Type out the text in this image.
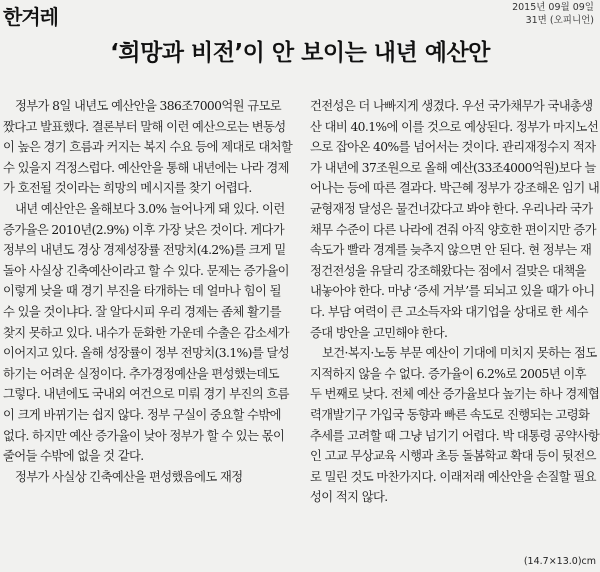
한겨레	2015년 09월 09일
31면 (오피니언)
‘희망과 비전’이 안 보이는 내년 예산안

정부가 8일 내년도 예산안을 386조7000억원 규모로 짰다고 발표했다. 결론부터 말해 이런 예산으로는 변동성이 높은 경기 흐름과 커지는 복지 수요 등에 제대로 대처할 수 있을지 걱정스럽다. 예산안을 통해 내년에는 나라 경제가 호전될 것이라는 희망의 메시지를 찾기 어렵다.

내년 예산안은 올해보다 3.0% 늘어나게 돼 있다. 이런 증가율은 2010년(2.9%) 이후 가장 낮은 것이다. 게다가 정부의 내년도 경상 경제성장률 전망치(4.2%)를 크게 밑돌아 사실상 긴축예산이라고 할 수 있다. 문제는 증가율이 이렇게 낮을 때 경기 부진을 타개하는 데 얼마나 힘이 될 수 있을 것이냐다. 잘 알다시피 우리 경제는 좀체 활기를 찾지 못하고 있다. 내수가 둔화한 가운데 수출은 감소세가 이어지고 있다. 올해 성장률이 정부 전망치(3.1%)를 달성하기는 어려운 실정이다. 추가경정예산을 편성했는데도 그렇다. 내년에도 국내외 여건으로 미뤄 경기 부진의 흐름이 크게 바뀌기는 쉽지 않다. 정부 구실이 중요할 수밖에 없다. 하지만 예산 증가율이 낮아 정부가 할 수 있는 몫이 줄어들 수밖에 없을 것 같다.

정부가 사실상 긴축예산을 편성했음에도 재정

건전성은 더 나빠지게 생겼다. 우선 국가채무가 국내총생산 대비 40.1%에 이를 것으로 예상된다. 정부가 마지노선으로 잡아온 40%를 넘어서는 것이다. 관리재정수지 적자가 내년에 37조원으로 올해 예산(33조4000억원)보다 늘어나는 등에 따른 결과다. 박근혜 정부가 강조해온 임기 내 균형재정 달성은 물건너갔다고 봐야 한다. 우리나라 국가채무 수준이 다른 나라에 견줘 아직 양호한 편이지만 증가 속도가 빨라 경계를 늦추지 않으면 안 된다. 현 정부는 재정건전성을 유달리 강조해왔다는 점에서 걸맞은 대책을 내놓아야 한다. 마냥 ‘증세 거부’를 되뇌고 있을 때가 아니다. 부담 여력이 큰 고소득자와 대기업을 상대로 한 세수 증대 방안을 고민해야 한다.

보건·복지·노동 부문 예산이 기대에 미치지 못하는 점도 지적하지 않을 수 없다. 증가율이 6.2%로 2005년 이후 두 번째로 낮다. 전체 예산 증가율보다 높기는 하나 경제협력개발기구 가입국 동향과 빠른 속도로 진행되는 고령화 추세를 고려할 때 그냥 넘기기 어렵다. 박 대통령 공약사항인 고교 무상교육 시행과 초등 돌봄학교 확대 등이 뒷전으로 밀린 것도 마찬가지다. 이래저래 예산안을 손질할 필요성이 적지 않다.

(14.7×13.0)cm
